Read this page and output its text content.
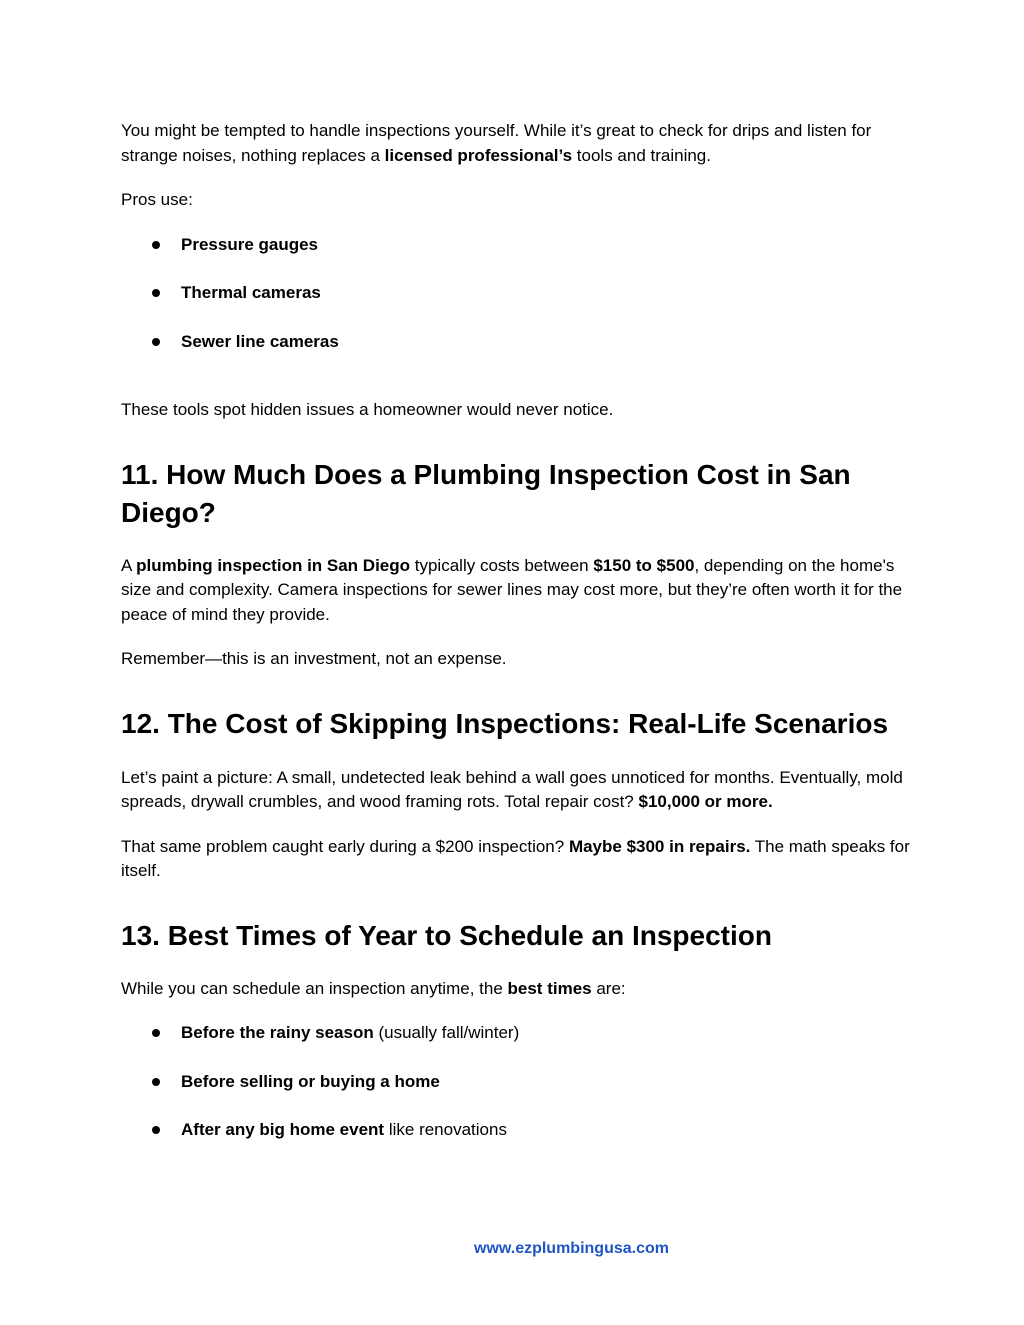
You might be tempted to handle inspections yourself. While it’s great to check for drips and listen for strange noises, nothing replaces a licensed professional’s tools and training.

Pros use:

Pressure gauges
Thermal cameras
Sewer line cameras

These tools spot hidden issues a homeowner would never notice.

11. How Much Does a Plumbing Inspection Cost in San Diego?

A plumbing inspection in San Diego typically costs between $150 to $500, depending on the home's size and complexity. Camera inspections for sewer lines may cost more, but they’re often worth it for the peace of mind they provide.

Remember—this is an investment, not an expense.

12. The Cost of Skipping Inspections: Real-Life Scenarios

Let’s paint a picture: A small, undetected leak behind a wall goes unnoticed for months. Eventually, mold spreads, drywall crumbles, and wood framing rots. Total repair cost? $10,000 or more.

That same problem caught early during a $200 inspection? Maybe $300 in repairs. The math speaks for itself.

13. Best Times of Year to Schedule an Inspection

While you can schedule an inspection anytime, the best times are:

Before the rainy season (usually fall/winter)
Before selling or buying a home
After any big home event like renovations
www.ezplumbingusa.com
